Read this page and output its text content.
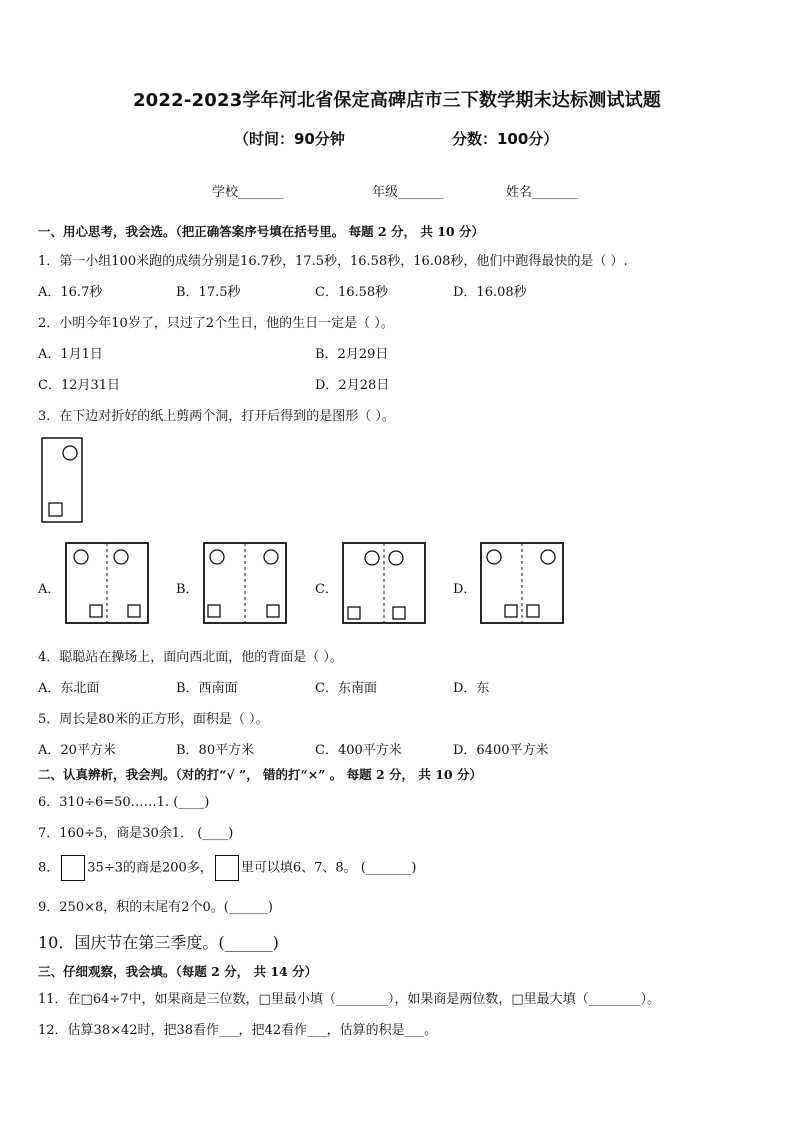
2022-2023学年河北省保定高碑店市三下数学期末达标测试试题
（时间：90分钟	分数：100分）
学校_______	年级_______	姓名_______
一、用心思考，我会选。（把正确答案序号填在括号里。 每题 2 分， 共 10 分）
1．第一小组100米跑的成绩分别是16.7秒，17.5秒，16.58秒，16.08秒，他们中跑得最快的是（ ）.
A．16.7秒	B．17.5秒	C．16.58秒	D．16.08秒
2．小明今年10岁了，只过了2个生日，他的生日一定是（ ）。
A．1月1日	B．2月29日
C．12月31日	D．2月28日
3．在下边对折好的纸上剪两个洞，打开后得到的是图形（ ）。
A．	B．	C．	D．
4．聪聪站在操场上，面向西北面，他的背面是（ ）。
A．东北面	B．西南面	C．东南面	D．东
5．周长是80米的正方形，面积是（ ）。
A．20平方米	B．80平方米	C．400平方米	D．6400平方米
二、认真辨析，我会判。（对的打“√ ”， 错的打“×” 。 每题 2 分， 共 10 分）
6．310÷6=50……1. (____)
7．160÷5，商是30余1． (____)
8． 35÷3的商是200多， 里可以填6、7、8。 (_______)
9．250×8，积的末尾有2个0。(______)
10．国庆节在第三季度。(______)
三、仔细观察，我会填。（每题 2 分， 共 14 分）
11．在□64÷7中，如果商是三位数，□里最小填（________），如果商是两位数，□里最大填（________）。
12．估算38×42时，把38看作___，把42看作___，估算的积是___。
